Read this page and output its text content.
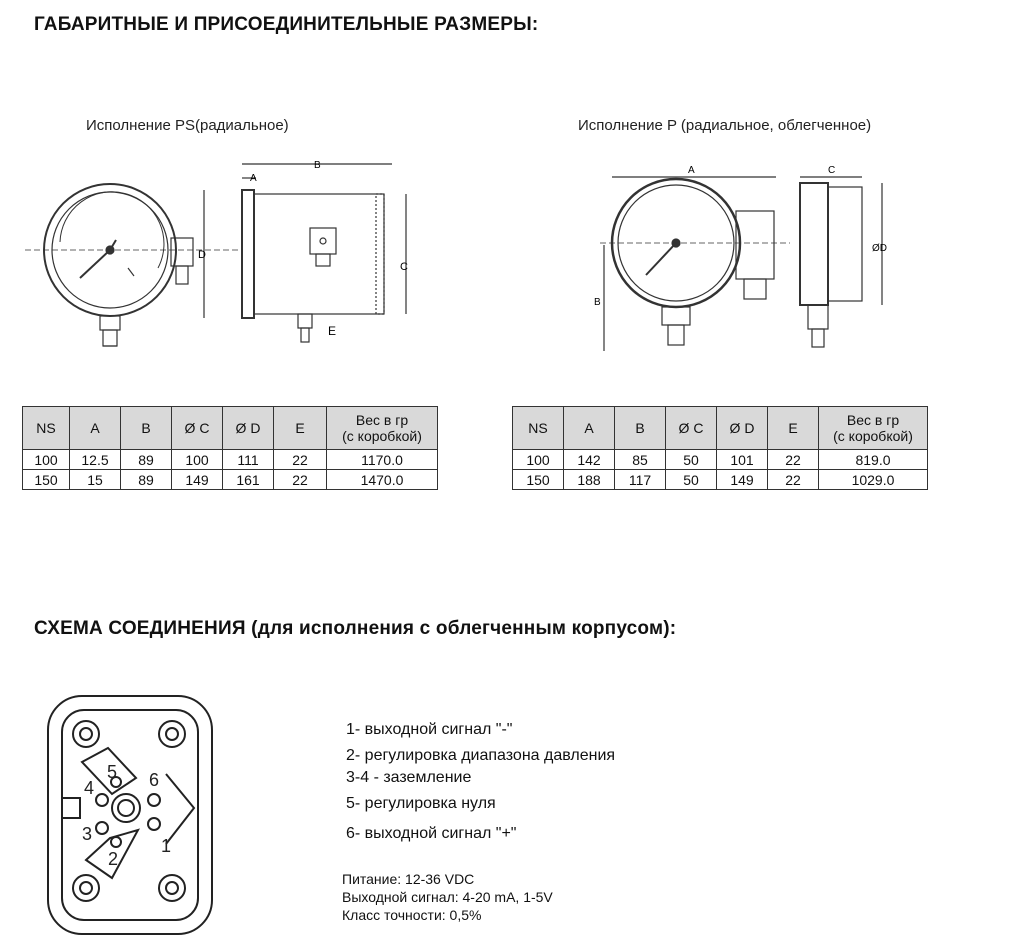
ГАБАРИТНЫЕ И ПРИСОЕДИНИТЕЛЬНЫЕ РАЗМЕРЫ:
Исполнение PS(радиальное)	Исполнение P (радиальное, облегченное)
B
A
D
C
E
A	C
B
ØD
NS	A	B	Ø C	Ø D	E	Вес в гр
(с коробкой)
100	12.5	89	100	111	22	1170.0
150	15	89	149	161	22	1470.0
NS	A	B	Ø C	Ø D	E	Вес в гр
(с коробкой)
100	142	85	50	101	22	819.0
150	188	117	50	149	22	1029.0
СХЕМА СОЕДИНЕНИЯ (для исполнения с облегченным корпусом):
1
2
3
4
5 6
1- выходной сигнал "-"
2- регулировка диапазона давления
3-4 - заземление
5- регулировка нуля
6- выходной сигнал "+"
Питание: 12-36 VDC
Выходной сигнал: 4-20 mA, 1-5V
Класс точности: 0,5%
